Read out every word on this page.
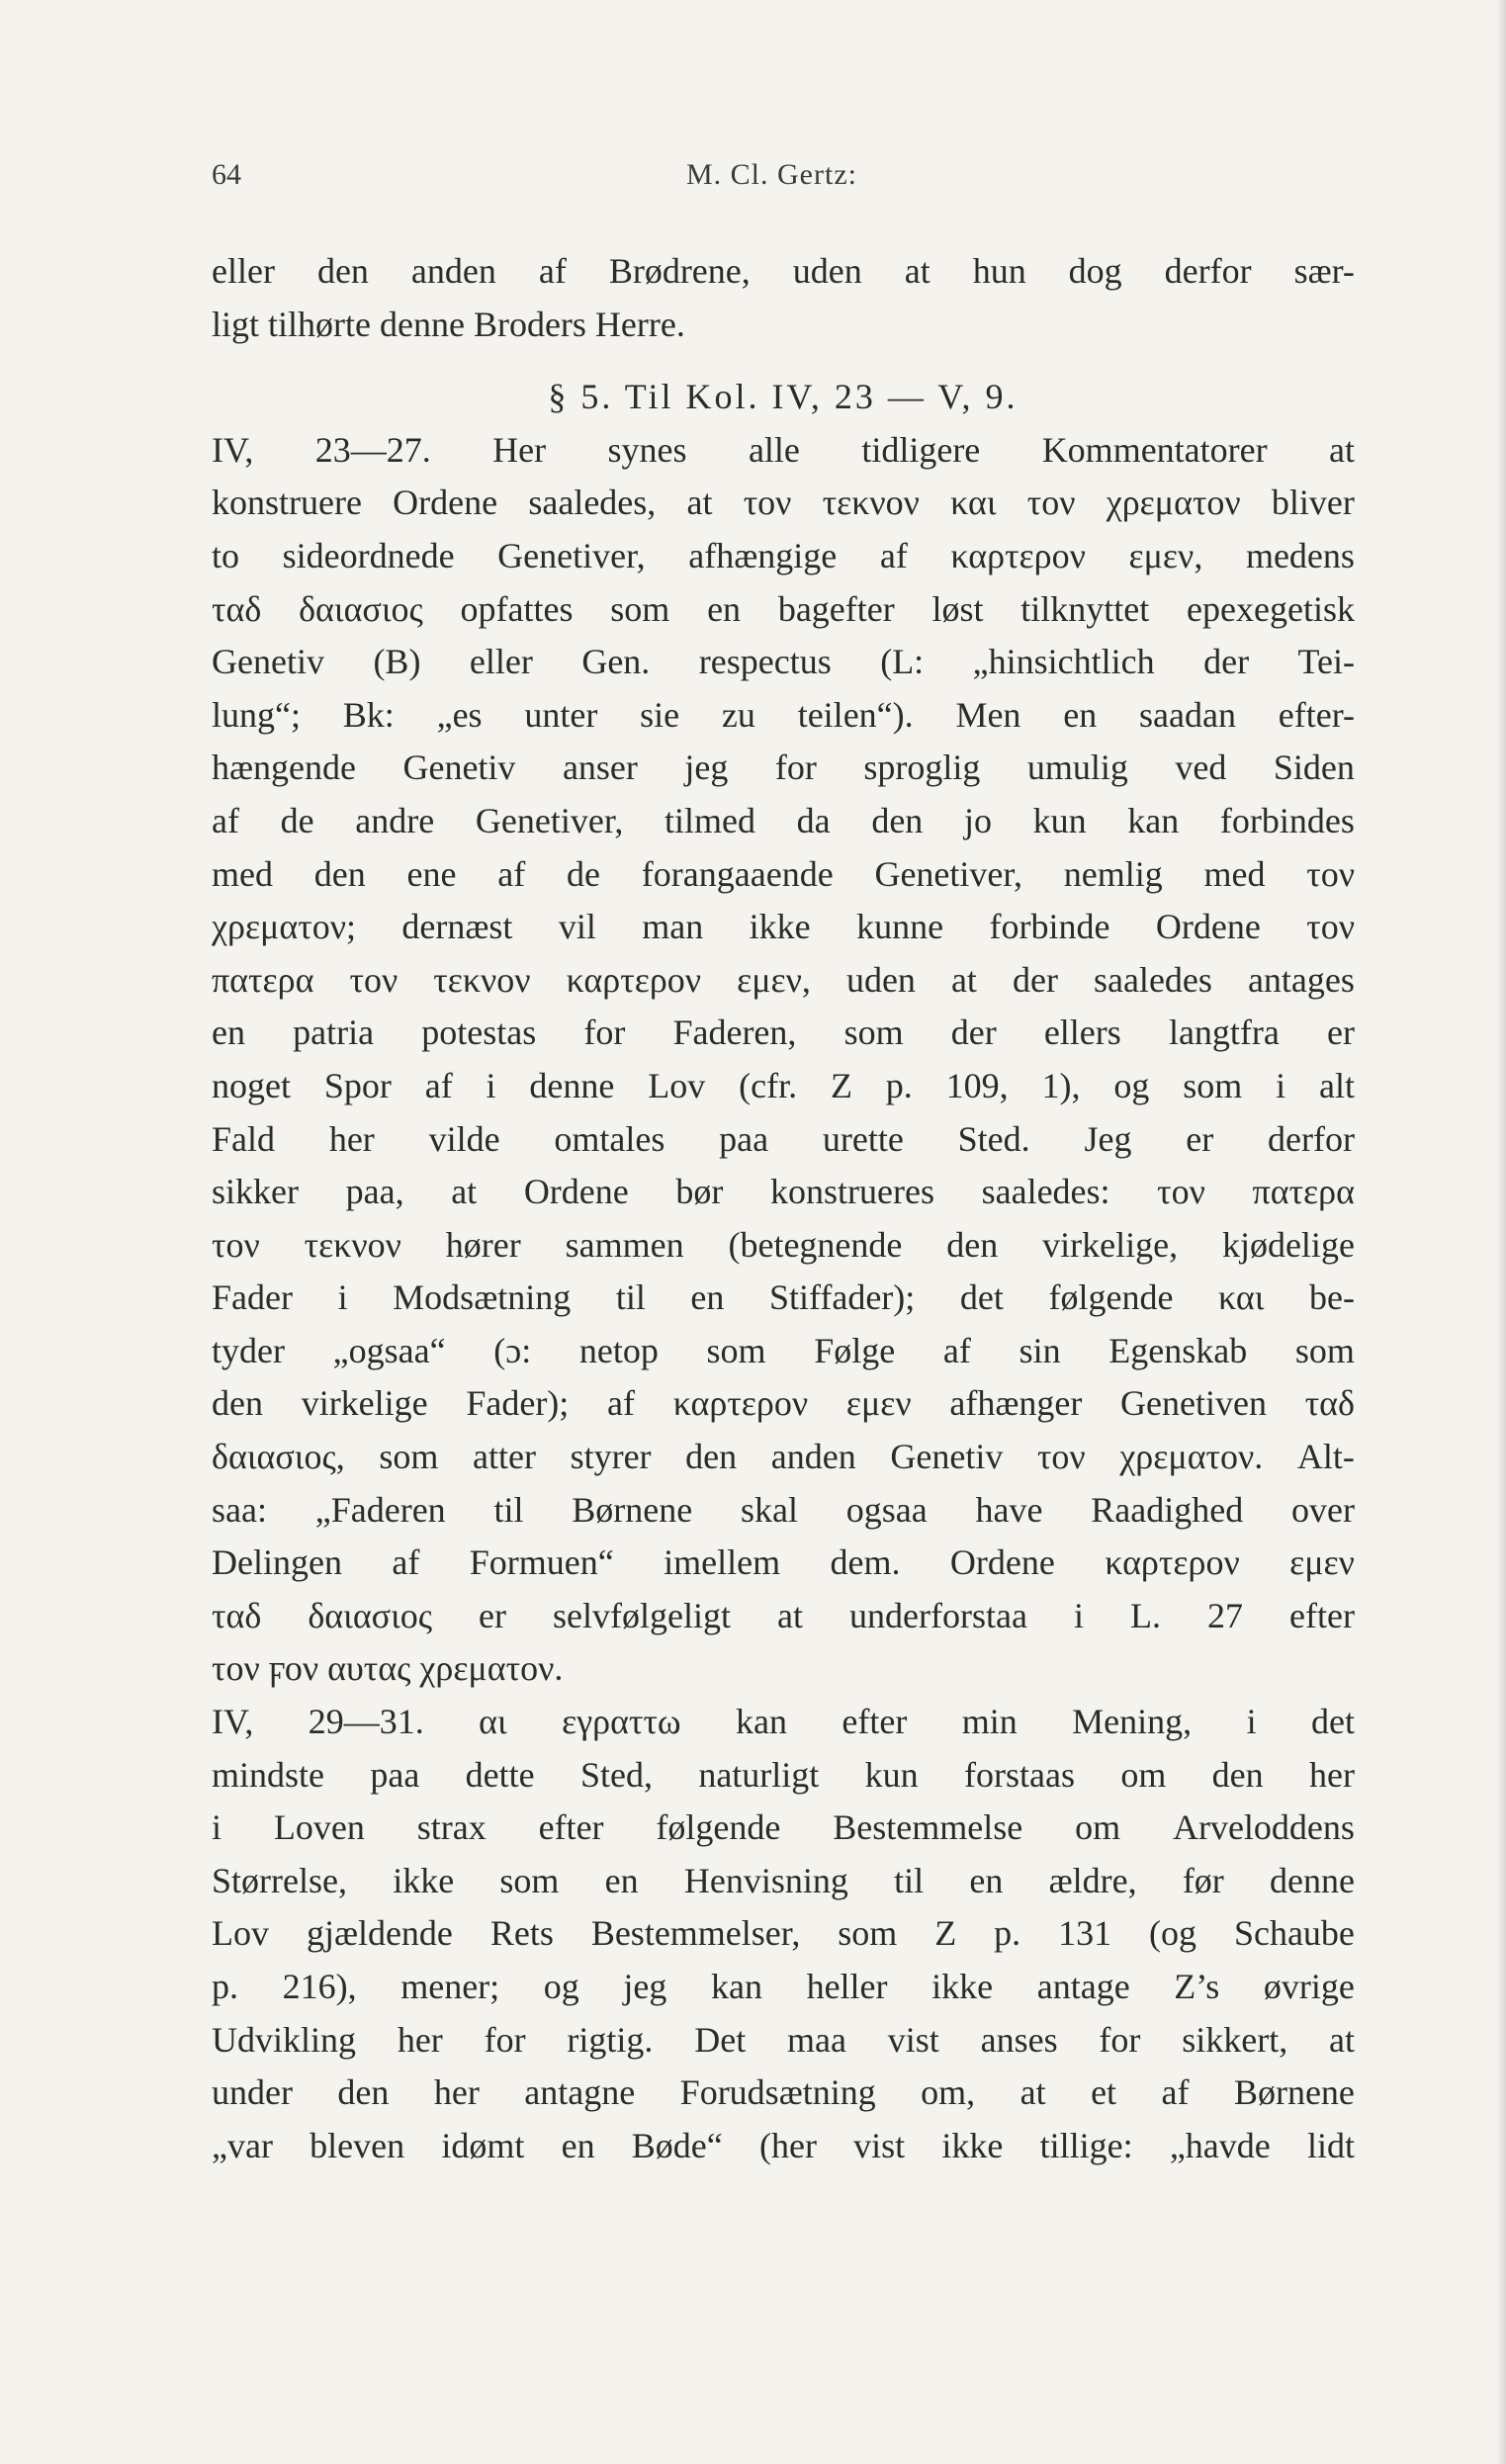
64	M. Cl. Gertz:
eller den anden af Brødrene, uden at hun dog derfor sær-
ligt tilhørte denne Broders Herre.
§ 5. Til Kol. IV, 23 — V, 9.
IV, 23—27. Her synes alle tidligere Kommentatorer at
konstruere Ordene saaledes, at τον τεκνον και τον χρεματον bliver
to sideordnede Genetiver, afhængige af καρτερον εμεν, medens
ταδ δαιασιος opfattes som en bagefter løst tilknyttet epexegetisk
Genetiv (B) eller Gen. respectus (L: „hinsichtlich der Tei-
lung“; Bk: „es unter sie zu teilen“). Men en saadan efter-
hængende Genetiv anser jeg for sproglig umulig ved Siden
af de andre Genetiver, tilmed da den jo kun kan forbindes
med den ene af de forangaaende Genetiver, nemlig med τον
χρεματον; dernæst vil man ikke kunne forbinde Ordene τον
πατερα τον τεκνον καρτερον εμεν, uden at der saaledes antages
en patria potestas for Faderen, som der ellers langtfra er
noget Spor af i denne Lov (cfr. Z p. 109, 1), og som i alt
Fald her vilde omtales paa urette Sted. Jeg er derfor
sikker paa, at Ordene bør konstrueres saaledes: τον πατερα
τον τεκνον hører sammen (betegnende den virkelige, kjødelige
Fader i Modsætning til en Stiffader); det følgende και be-
tyder „ogsaa“ (ɔ: netop som Følge af sin Egenskab som
den virkelige Fader); af καρτερον εμεν afhænger Genetiven ταδ
δαιασιος, som atter styrer den anden Genetiv τον χρεματον. Alt-
saa: „Faderen til Børnene skal ogsaa have Raadighed over
Delingen af Formuen“ imellem dem. Ordene καρτερον εμεν
ταδ δαιασιος er selvfølgeligt at underforstaa i L. 27 efter
τον ϝον αυτας χρεματον.
IV, 29—31. αι εγραττω kan efter min Mening, i det
mindste paa dette Sted, naturligt kun forstaas om den her
i Loven strax efter følgende Bestemmelse om Arveloddens
Størrelse, ikke som en Henvisning til en ældre, før denne
Lov gjældende Rets Bestemmelser, som Z p. 131 (og Schaube
p. 216), mener; og jeg kan heller ikke antage Z’s øvrige
Udvikling her for rigtig. Det maa vist anses for sikkert, at
under den her antagne Forudsætning om, at et af Børnene
„var bleven idømt en Bøde“ (her vist ikke tillige: „havde lidt
